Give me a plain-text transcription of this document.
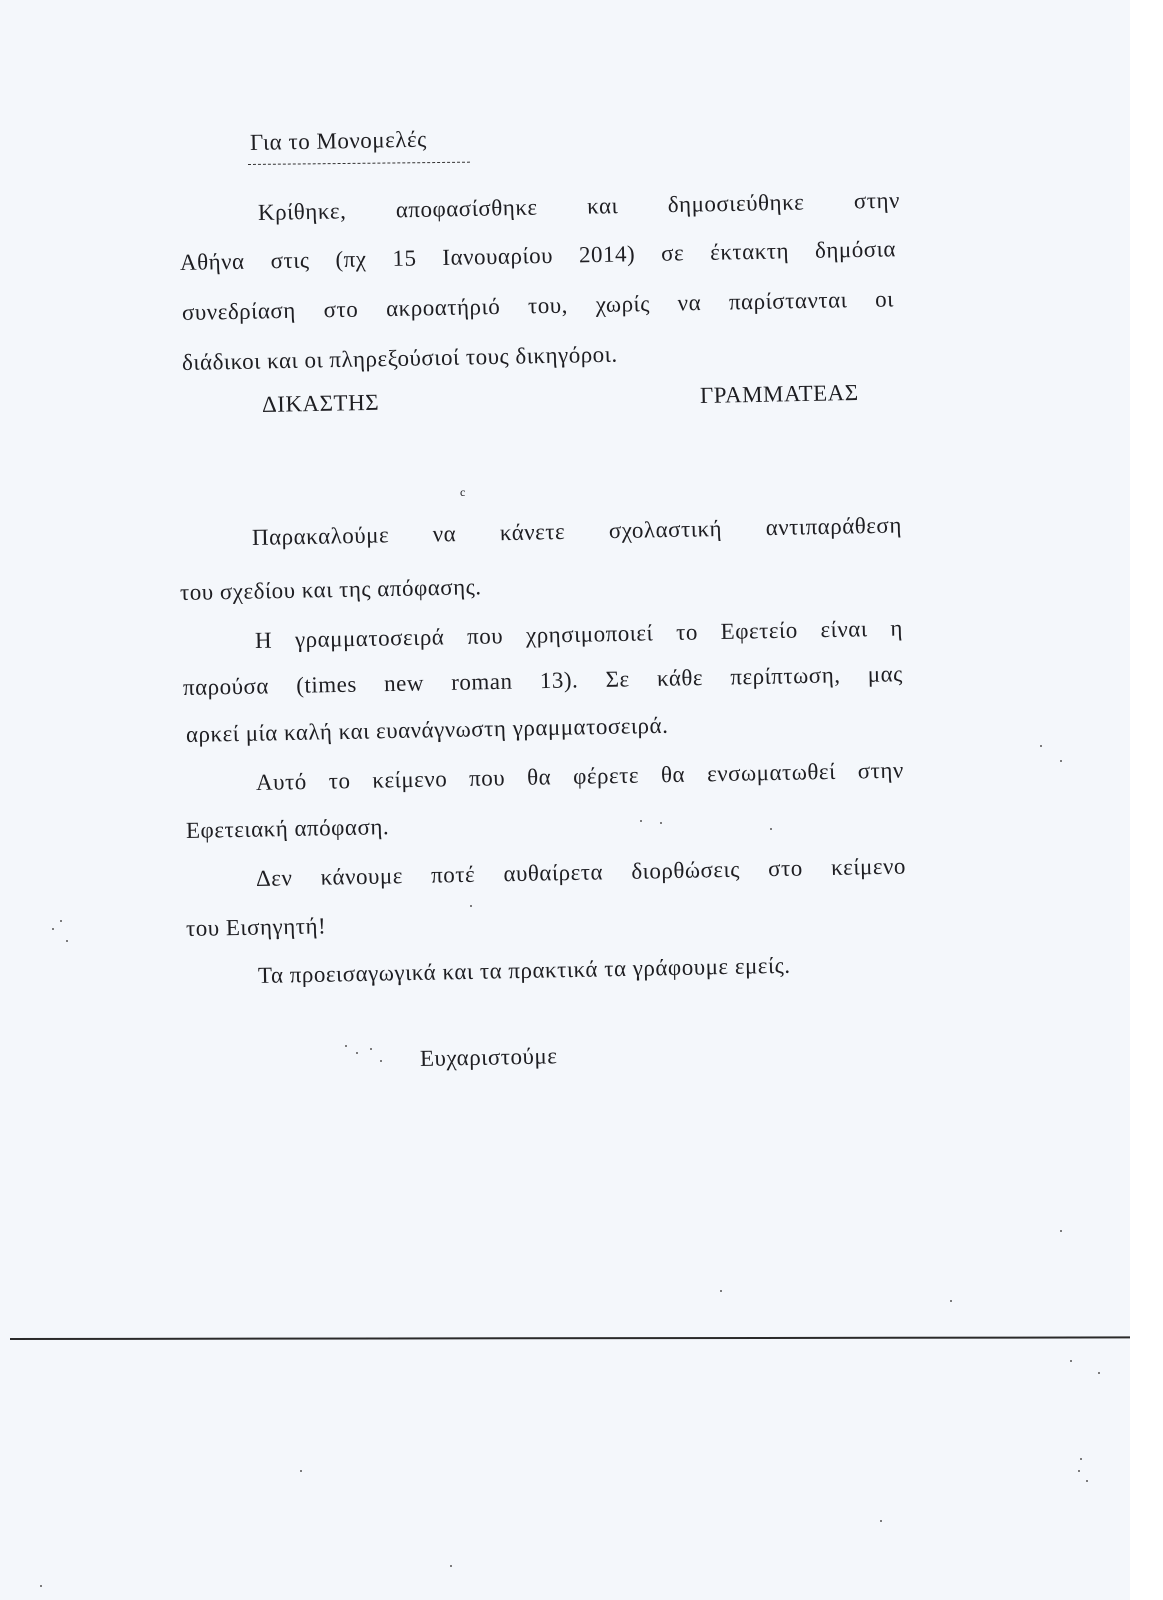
Για το Μονομελές
Κρίθηκε, αποφασίσθηκε και δημοσιεύθηκε στην
Αθήνα στις (πχ 15 Ιανουαρίου 2014) σε έκτακτη δημόσια
συνεδρίαση στο ακροατήριό του, χωρίς να παρίστανται οι
διάδικοι και οι πληρεξούσιοί τους δικηγόροι.
ΔΙΚΑΣΤΗΣ	ΓΡΑΜΜΑΤΕΑΣ
c
Παρακαλούμε να κάνετε σχολαστική αντιπαράθεση
του σχεδίου και της απόφασης.
Η γραμματοσειρά που χρησιμοποιεί το Εφετείο είναι η
παρούσα (times new roman 13). Σε κάθε περίπτωση, μας
αρκεί μία καλή και ευανάγνωστη γραμματοσειρά.
Αυτό το κείμενο που θα φέρετε θα ενσωματωθεί στην
Εφετειακή απόφαση.
Δεν κάνουμε ποτέ αυθαίρετα διορθώσεις στο κείμενο
του Εισηγητή!
Τα προεισαγωγικά και τα πρακτικά τα γράφουμε εμείς.
Ευχαριστούμε
